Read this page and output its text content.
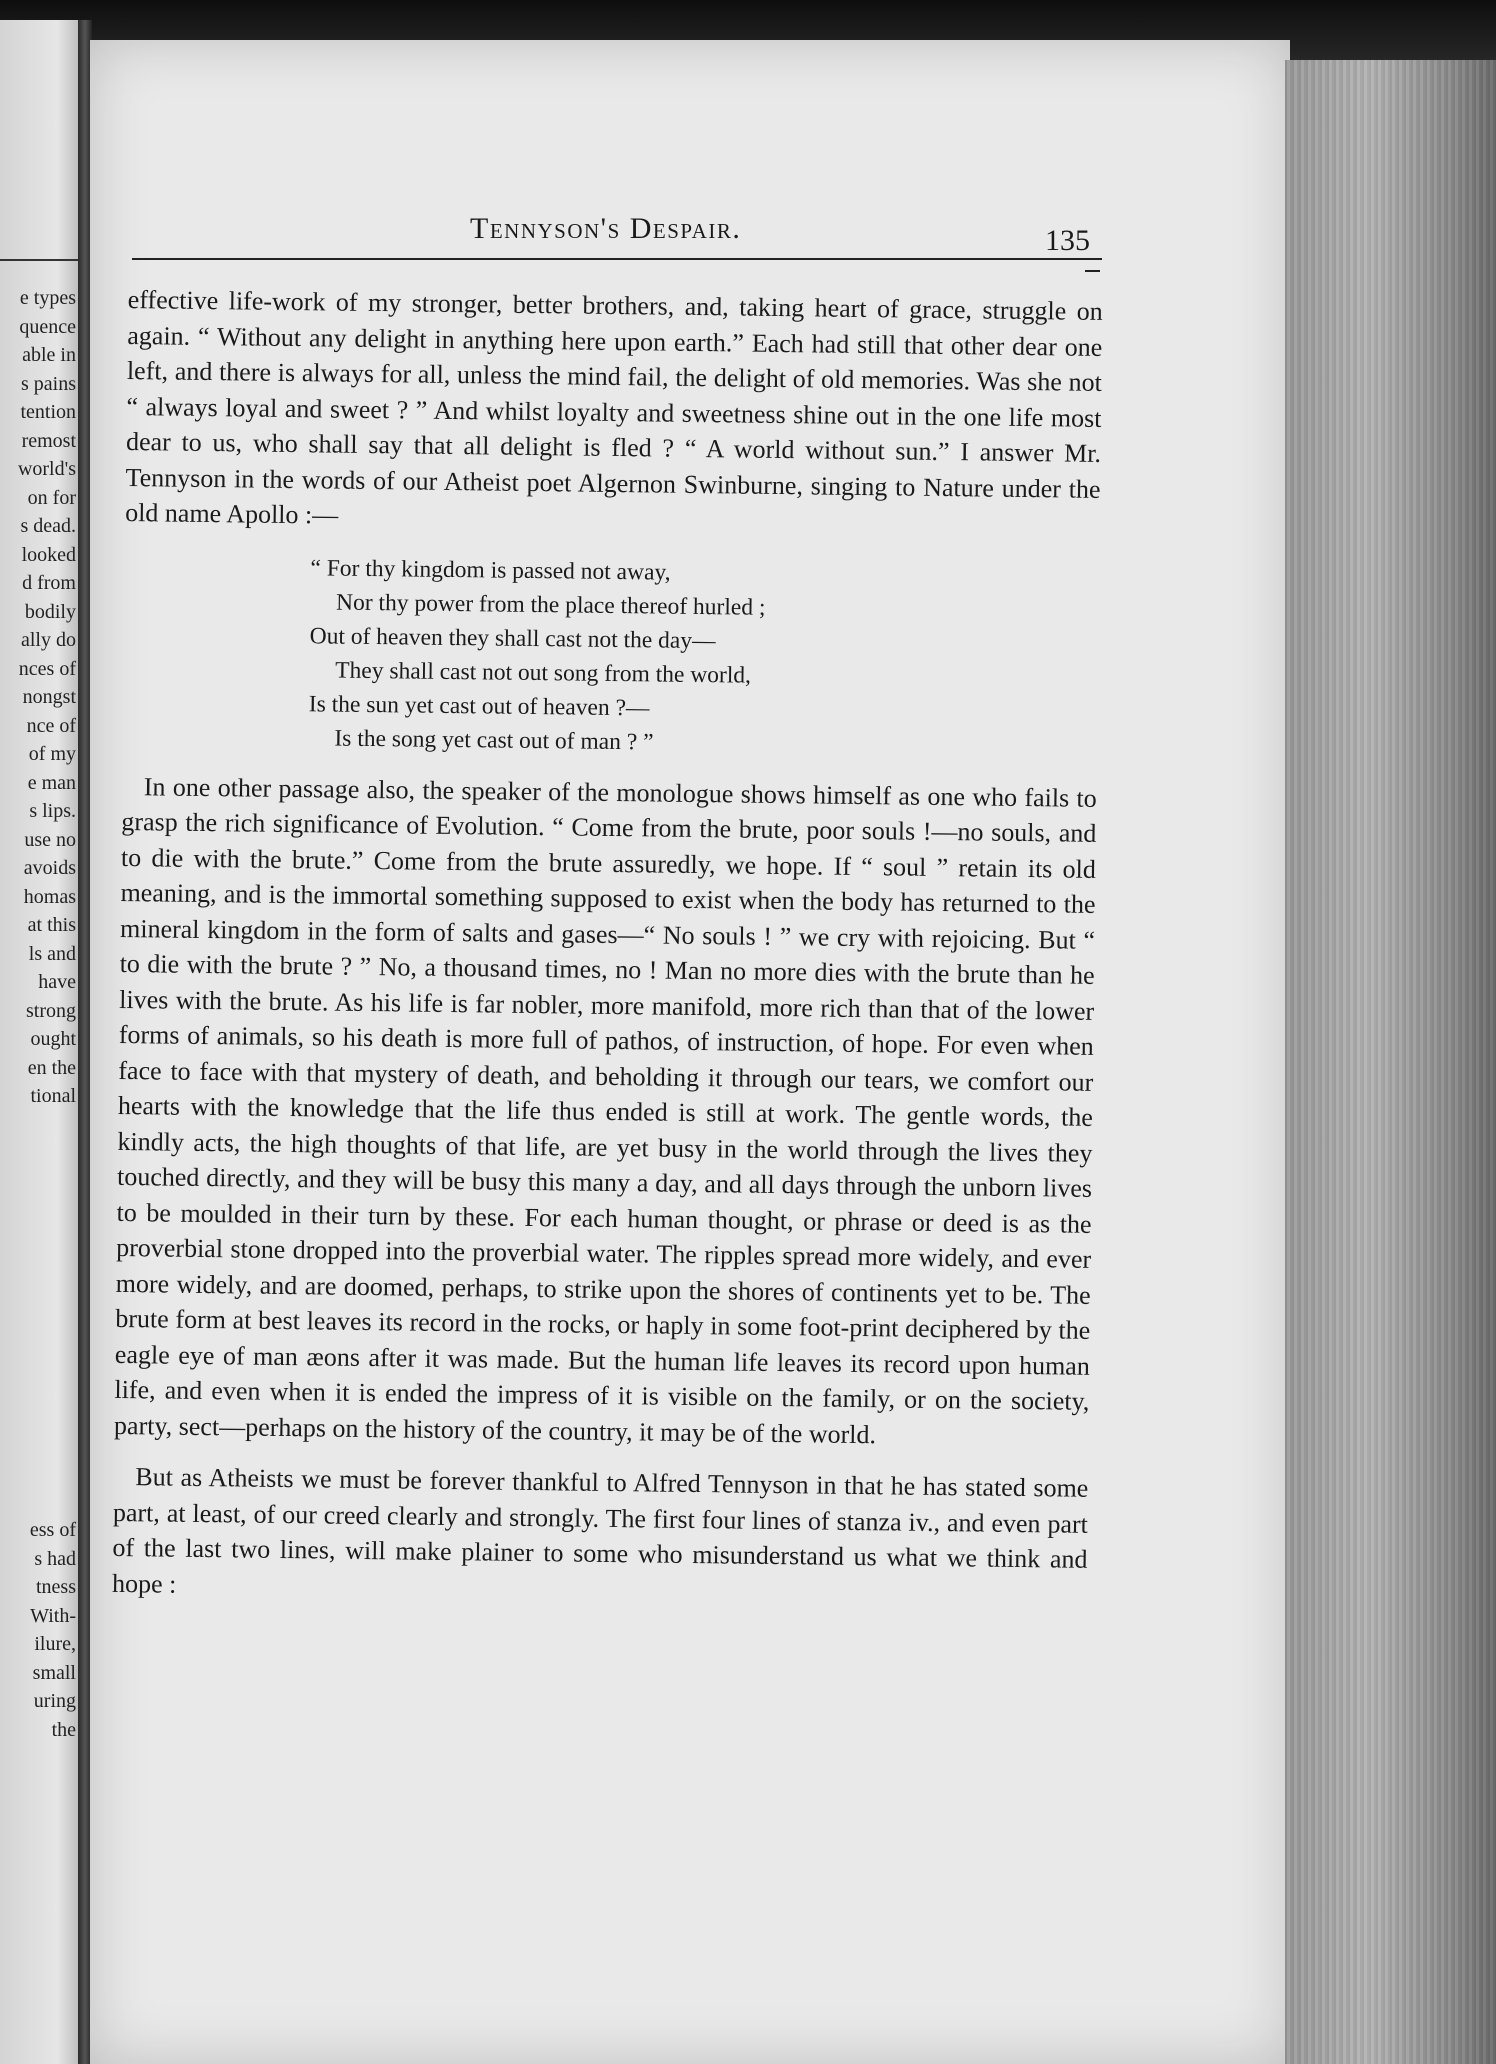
e types
quence
able in
s pains
tention
remost
world's
on for
s dead.
looked
d from
bodily
ally do
nces of
nongst
nce of
of my
e man
s lips.
use no
avoids
homas
at this
ls and
have
strong
ought
en the
tional
ess of
s had
tness
With-
ilure,
small
uring
the
Tennyson's Despair.	135

effective life-work of my stronger, better brothers, and, taking heart of grace, struggle on again. “ Without any delight in anything here upon earth.” Each had still that other dear one left, and there is always for all, unless the mind fail, the delight of old memories. Was she not “ always loyal and sweet ? ” And whilst loyalty and sweetness shine out in the one life most dear to us, who shall say that all delight is fled ? “ A world without sun.” I answer Mr. Tennyson in the words of our Atheist poet Algernon Swinburne, singing to Nature under the old name Apollo :—

“ For thy kingdom is passed not away,
Nor thy power from the place thereof hurled ;
Out of heaven they shall cast not the day—
They shall cast not out song from the world,
Is the sun yet cast out of heaven ?—
Is the song yet cast out of man ? ”

In one other passage also, the speaker of the monologue shows himself as one who fails to grasp the rich significance of Evolution. “ Come from the brute, poor souls !—no souls, and to die with the brute.” Come from the brute assuredly, we hope. If “ soul ” retain its old meaning, and is the immortal something supposed to exist when the body has returned to the mineral kingdom in the form of salts and gases—“ No souls ! ” we cry with rejoicing. But “ to die with the brute ? ” No, a thousand times, no ! Man no more dies with the brute than he lives with the brute. As his life is far nobler, more manifold, more rich than that of the lower forms of animals, so his death is more full of pathos, of instruction, of hope. For even when face to face with that mystery of death, and beholding it through our tears, we comfort our hearts with the knowledge that the life thus ended is still at work. The gentle words, the kindly acts, the high thoughts of that life, are yet busy in the world through the lives they touched directly, and they will be busy this many a day, and all days through the unborn lives to be moulded in their turn by these. For each human thought, or phrase or deed is as the proverbial stone dropped into the proverbial water. The ripples spread more widely, and ever more widely, and are doomed, perhaps, to strike upon the shores of continents yet to be. The brute form at best leaves its record in the rocks, or haply in some foot-print deciphered by the eagle eye of man æons after it was made. But the human life leaves its record upon human life, and even when it is ended the impress of it is visible on the family, or on the society, party, sect—perhaps on the history of the country, it may be of the world.

But as Atheists we must be forever thankful to Alfred Tennyson in that he has stated some part, at least, of our creed clearly and strongly. The first four lines of stanza iv., and even part of the last two lines, will make plainer to some who misunderstand us what we think and hope :
